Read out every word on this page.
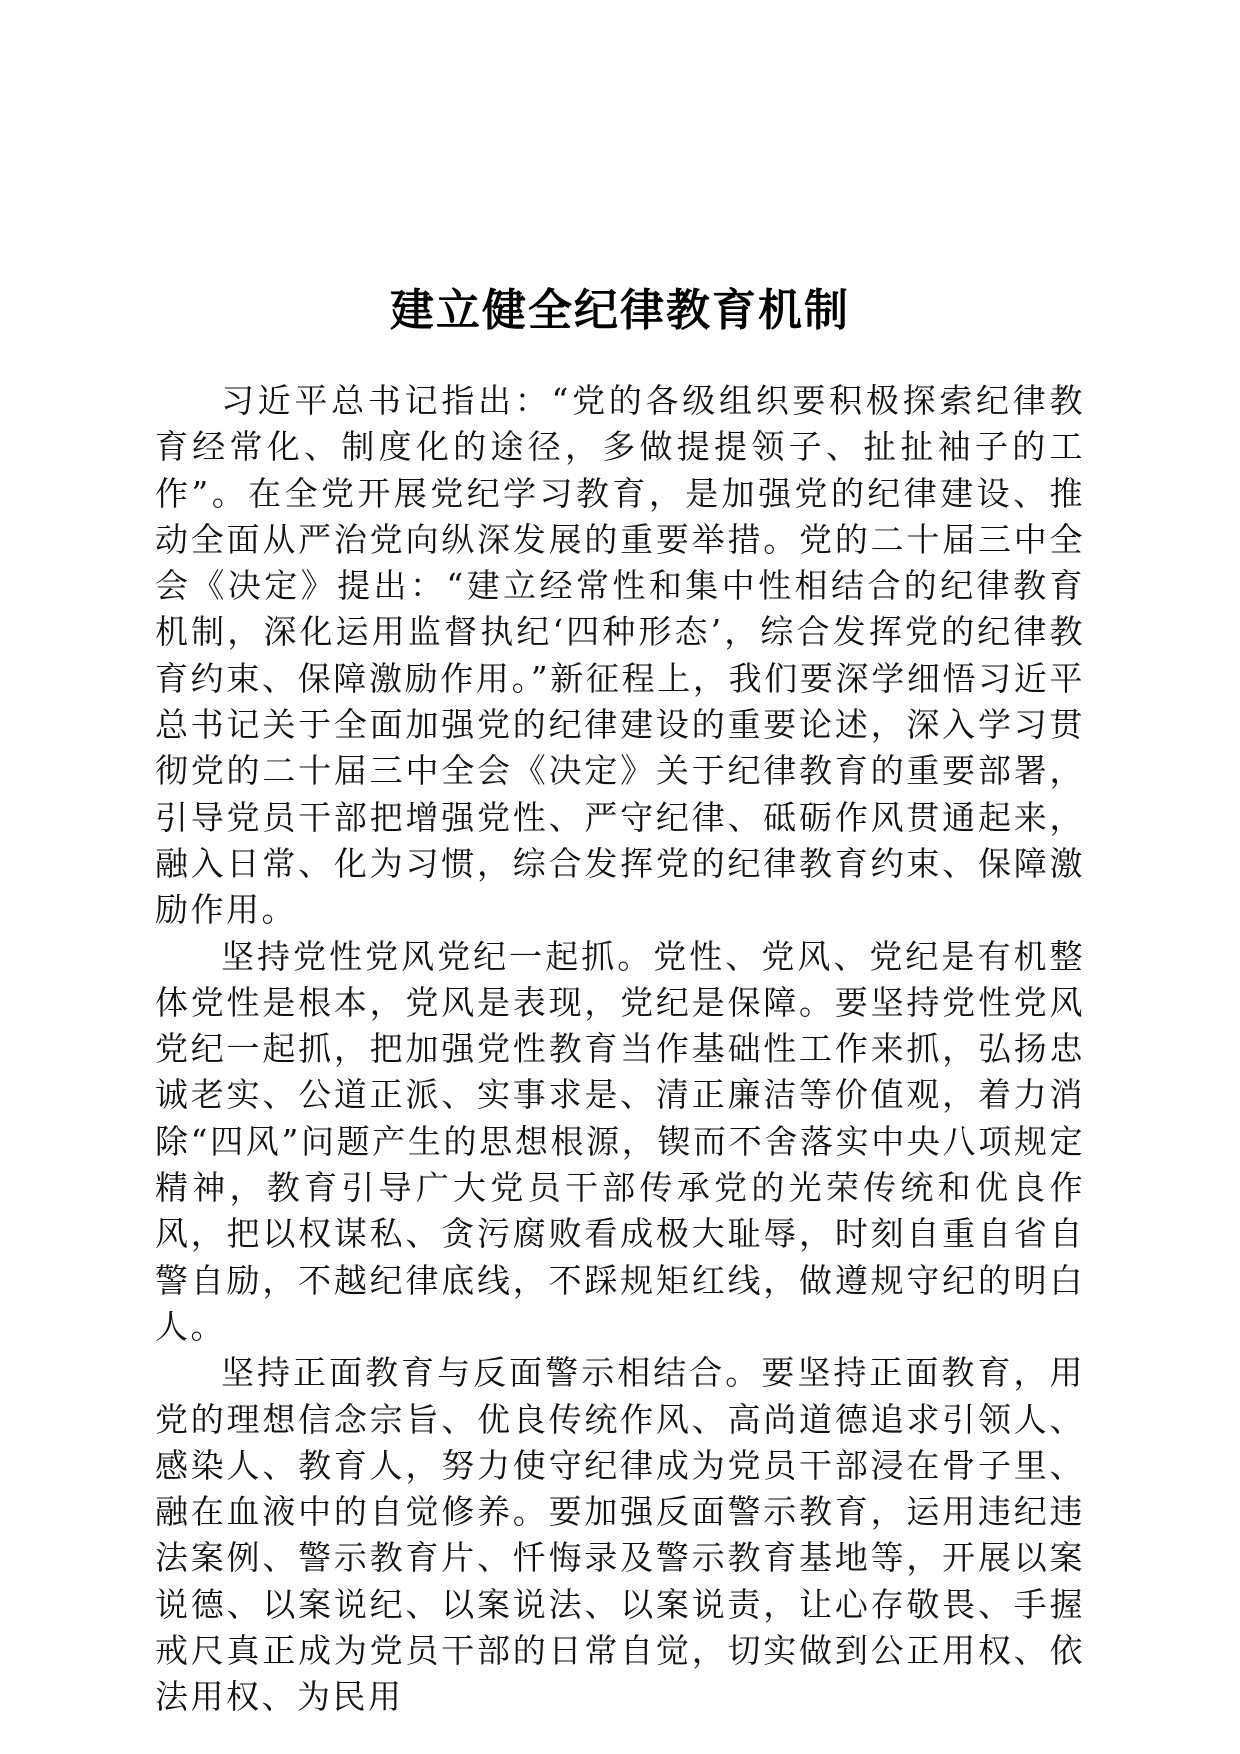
建立健全纪律教育机制

习近平总书记指出：“党的各级组织要积极探索纪律教育经常化、制度化的途径，多做提提领子、扯扯袖子的工作”。在全党开展党纪学习教育，是加强党的纪律建设、推动全面从严治党向纵深发展的重要举措。党的二十届三中全会《决定》提出：“建立经常性和集中性相结合的纪律教育机制，深化运用监督执纪‘四种形态’，综合发挥党的纪律教育约束、保障激励作用。”新征程上，我们要深学细悟习近平总书记关于全面加强党的纪律建设的重要论述，深入学习贯彻党的二十届三中全会《决定》关于纪律教育的重要部署，引导党员干部把增强党性、严守纪律、砥砺作风贯通起来，融入日常、化为习惯，综合发挥党的纪律教育约束、保障激励作用。

坚持党性党风党纪一起抓。党性、党风、党纪是有机整体党性是根本，党风是表现，党纪是保障。要坚持党性党风党纪一起抓，把加强党性教育当作基础性工作来抓，弘扬忠诚老实、公道正派、实事求是、清正廉洁等价值观，着力消除“四风”问题产生的思想根源，锲而不舍落实中央八项规定精神，教育引导广大党员干部传承党的光荣传统和优良作风，把以权谋私、贪污腐败看成极大耻辱，时刻自重自省自警自励，不越纪律底线，不踩规矩红线，做遵规守纪的明白人。

坚持正面教育与反面警示相结合。要坚持正面教育，用党的理想信念宗旨、优良传统作风、高尚道德追求引领人、感染人、教育人，努力使守纪律成为党员干部浸在骨子里、融在血液中的自觉修养。要加强反面警示教育，运用违纪违法案例、警示教育片、忏悔录及警示教育基地等，开展以案说德、以案说纪、以案说法、以案说责，让心存敬畏、手握戒尺真正成为党员干部的日常自觉，切实做到公正用权、依法用权、为民用
